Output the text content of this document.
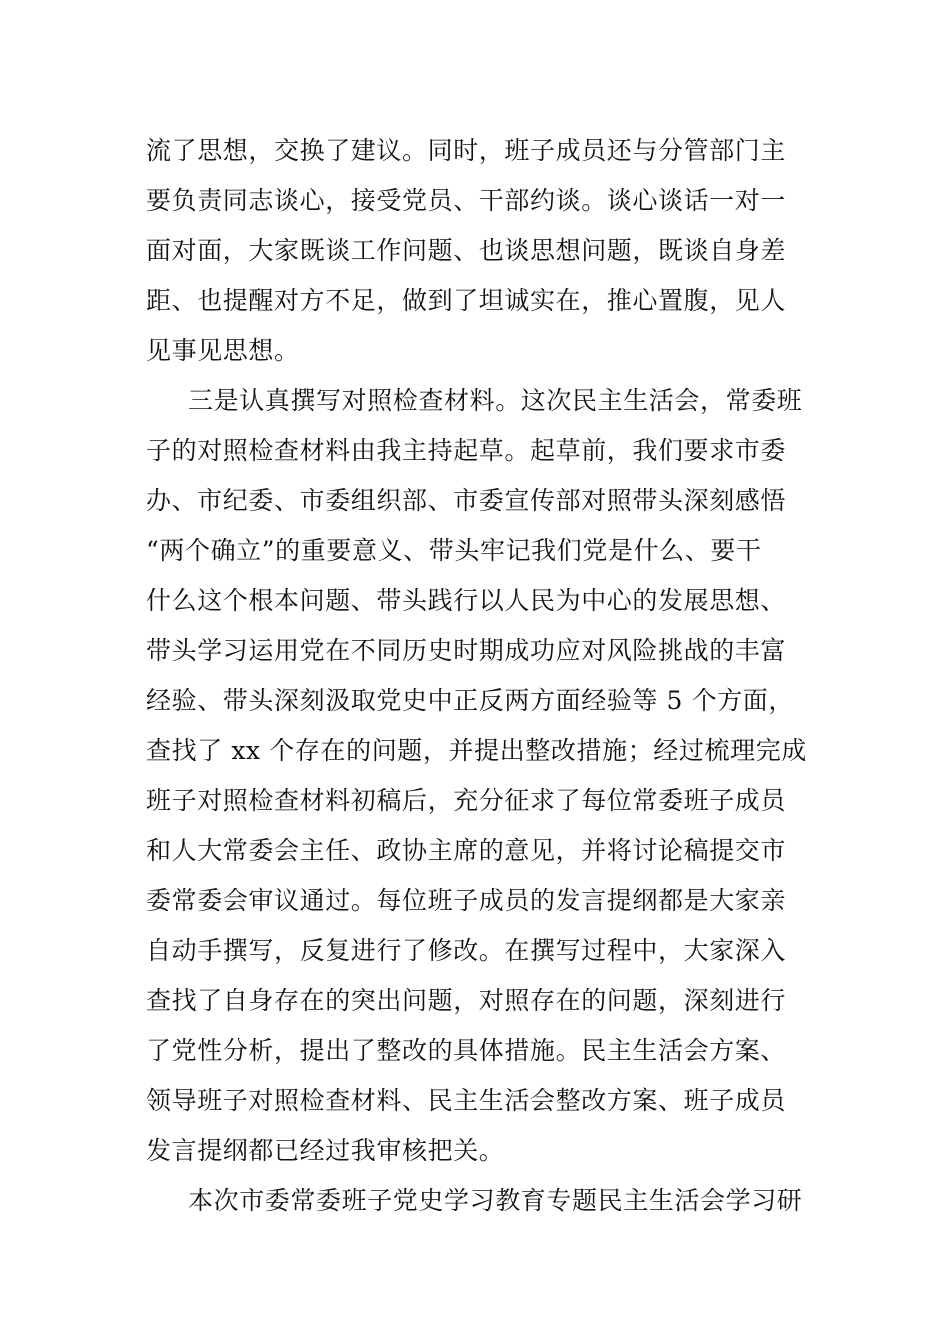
流了思想，交换了建议。同时，班子成员还与分管部门主
要负责同志谈心，接受党员、干部约谈。谈心谈话一对一
面对面，大家既谈工作问题、也谈思想问题，既谈自身差
距、也提醒对方不足，做到了坦诚实在，推心置腹，见人
见事见思想。
三是认真撰写对照检查材料。这次民主生活会，常委班
子的对照检查材料由我主持起草。起草前，我们要求市委
办、市纪委、市委组织部、市委宣传部对照带头深刻感悟
“两个确立”的重要意义、带头牢记我们党是什么、要干
什么这个根本问题、带头践行以人民为中心的发展思想、
带头学习运用党在不同历史时期成功应对风险挑战的丰富
经验、带头深刻汲取党史中正反两方面经验等 5 个方面，
查找了 xx 个存在的问题，并提出整改措施；经过梳理完成
班子对照检查材料初稿后，充分征求了每位常委班子成员
和人大常委会主任、政协主席的意见，并将讨论稿提交市
委常委会审议通过。每位班子成员的发言提纲都是大家亲
自动手撰写，反复进行了修改。在撰写过程中，大家深入
查找了自身存在的突出问题，对照存在的问题，深刻进行
了党性分析，提出了整改的具体措施。民主生活会方案、
领导班子对照检查材料、民主生活会整改方案、班子成员
发言提纲都已经过我审核把关。
本次市委常委班子党史学习教育专题民主生活会学习研
